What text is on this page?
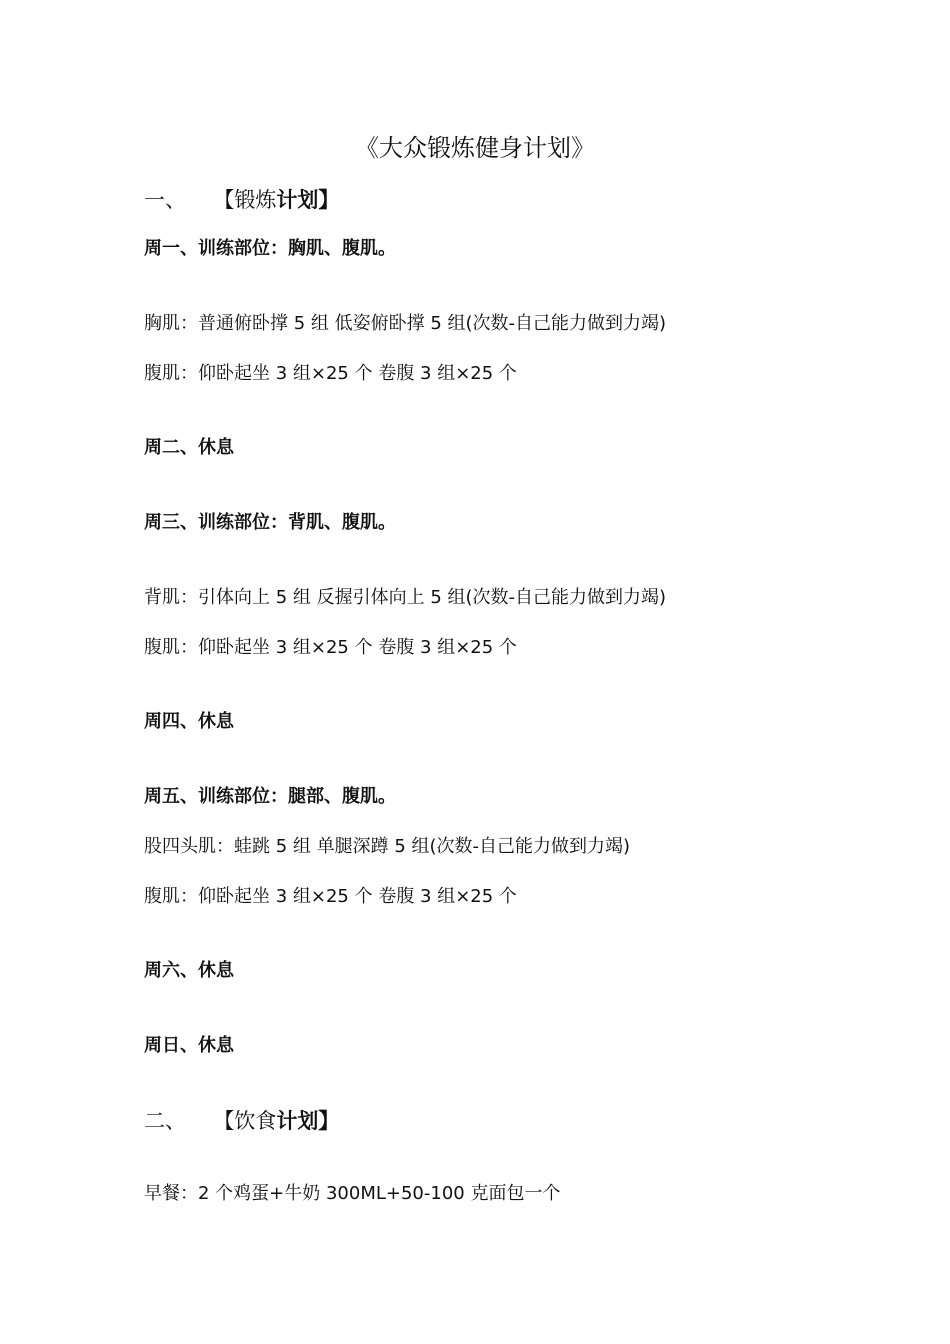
《大众锻炼健身计划》
一、 【锻炼计划】
周一、训练部位：胸肌、腹肌。
胸肌：普通俯卧撑 5 组 低姿俯卧撑 5 组(次数-自己能力做到力竭)
腹肌：仰卧起坐 3 组×25 个 卷腹 3 组×25 个
周二、休息
周三、训练部位：背肌、腹肌。
背肌：引体向上 5 组 反握引体向上 5 组(次数-自己能力做到力竭)
腹肌：仰卧起坐 3 组×25 个 卷腹 3 组×25 个
周四、休息
周五、训练部位：腿部、腹肌。
股四头肌：蛙跳 5 组 单腿深蹲 5 组(次数-自己能力做到力竭)
腹肌：仰卧起坐 3 组×25 个 卷腹 3 组×25 个
周六、休息
周日、休息
二、 【饮食计划】
早餐：2 个鸡蛋+牛奶 300ML+50-100 克面包一个
